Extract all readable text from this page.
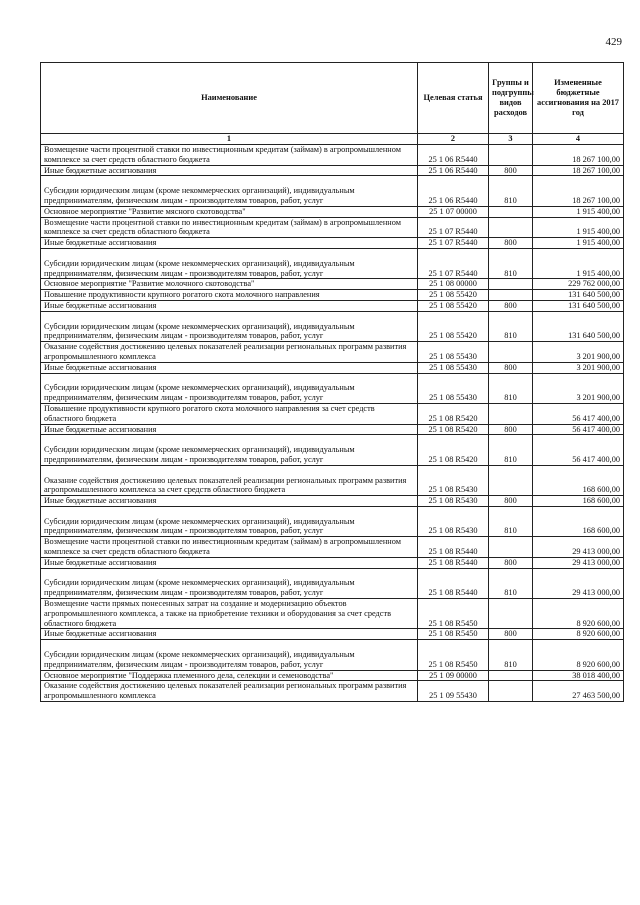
429
Наименование	Целевая статья	Группы и подгруппы видов расходов	Измененные бюджетные ассигнования на 2017 год
1	2	3	4
Возмещение части процентной ставки по инвестиционным кредитам (займам) в агропромышленном комплексе за счет средств областного бюджета	25 1 06 R5440		18 267 100,00
Иные бюджетные ассигнования	25 1 06 R5440	800	18 267 100,00
Субсидии юридическим лицам (кроме некоммерческих организаций), индивидуальным предпринимателям, физическим лицам - производителям товаров, работ, услуг	25 1 06 R5440	810	18 267 100,00
Основное мероприятие "Развитие мясного скотоводства"	25 1 07 00000		1 915 400,00
Возмещение части процентной ставки по инвестиционным кредитам (займам) в агропромышленном комплексе за счет средств областного бюджета	25 1 07 R5440		1 915 400,00
Иные бюджетные ассигнования	25 1 07 R5440	800	1 915 400,00
Субсидии юридическим лицам (кроме некоммерческих организаций), индивидуальным предпринимателям, физическим лицам - производителям товаров, работ, услуг	25 1 07 R5440	810	1 915 400,00
Основное мероприятие "Развитие молочного скотоводства"	25 1 08 00000		229 762 000,00
Повышение продуктивности крупного рогатого скота молочного направления	25 1 08 55420		131 640 500,00
Иные бюджетные ассигнования	25 1 08 55420	800	131 640 500,00
Субсидии юридическим лицам (кроме некоммерческих организаций), индивидуальным предпринимателям, физическим лицам - производителям товаров, работ, услуг	25 1 08 55420	810	131 640 500,00
Оказание содействия достижению целевых показателей реализации региональных программ развития агропромышленного комплекса	25 1 08 55430		3 201 900,00
Иные бюджетные ассигнования	25 1 08 55430	800	3 201 900,00
Субсидии юридическим лицам (кроме некоммерческих организаций), индивидуальным предпринимателям, физическим лицам - производителям товаров, работ, услуг	25 1 08 55430	810	3 201 900,00
Повышение продуктивности крупного рогатого скота молочного направления за счет средств областного бюджета	25 1 08 R5420		56 417 400,00
Иные бюджетные ассигнования	25 1 08 R5420	800	56 417 400,00
Субсидии юридическим лицам (кроме некоммерческих организаций), индивидуальным предпринимателям, физическим лицам - производителям товаров, работ, услуг	25 1 08 R5420	810	56 417 400,00
Оказание содействия достижению целевых показателей реализации региональных программ развития агропромышленного комплекса за счет средств областного бюджета	25 1 08 R5430		168 600,00
Иные бюджетные ассигнования	25 1 08 R5430	800	168 600,00
Субсидии юридическим лицам (кроме некоммерческих организаций), индивидуальным предпринимателям, физическим лицам - производителям товаров, работ, услуг	25 1 08 R5430	810	168 600,00
Возмещение части процентной ставки по инвестиционным кредитам (займам) в агропромышленном комплексе за счет средств областного бюджета	25 1 08 R5440		29 413 000,00
Иные бюджетные ассигнования	25 1 08 R5440	800	29 413 000,00
Субсидии юридическим лицам (кроме некоммерческих организаций), индивидуальным предпринимателям, физическим лицам - производителям товаров, работ, услуг	25 1 08 R5440	810	29 413 000,00
Возмещение части прямых понесенных затрат на создание и модернизацию объектов агропромышленного комплекса, а также на приобретение техники и оборудования за счет средств областного бюджета	25 1 08 R5450		8 920 600,00
Иные бюджетные ассигнования	25 1 08 R5450	800	8 920 600,00
Субсидии юридическим лицам (кроме некоммерческих организаций), индивидуальным предпринимателям, физическим лицам - производителям товаров, работ, услуг	25 1 08 R5450	810	8 920 600,00
Основное мероприятие "Поддержка племенного дела, селекции и семеноводства"	25 1 09 00000		38 018 400,00
Оказание содействия достижению целевых показателей реализации региональных программ развития агропромышленного комплекса	25 1 09 55430		27 463 500,00
